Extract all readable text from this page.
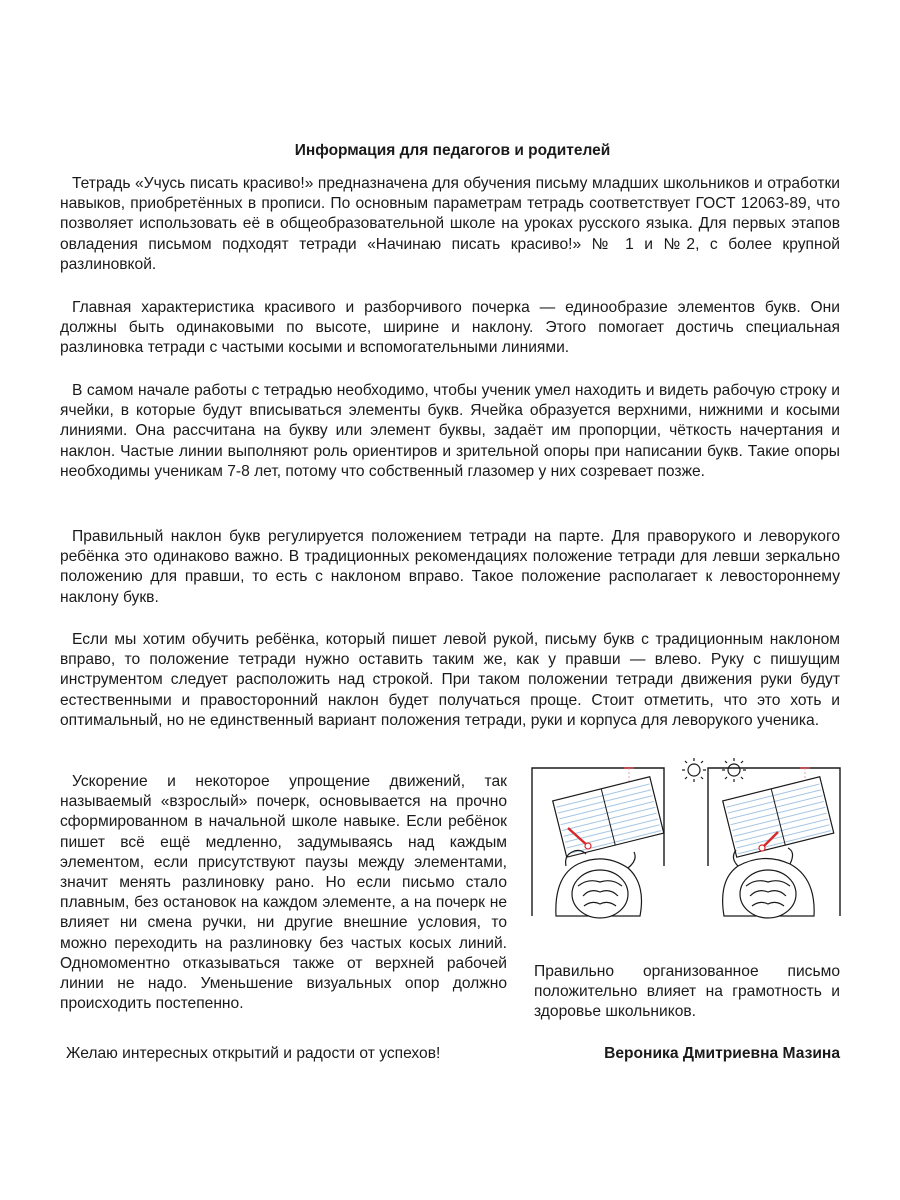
Информация для педагогов и родителей

Тетрадь «Учусь писать красиво!» предназначена для обучения письму младших школьников и отработки навыков, приобретённых в прописи. По основным параметрам тетрадь соответствует ГОСТ 12063-89, что позволяет использовать её в общеобразовательной школе на уроках русского языка. Для первых этапов овладения письмом подходят тетради «Начинаю писать красиво!» № 1 и №2, с более крупной разлиновкой.

Главная характеристика красивого и разборчивого почерка — единообразие элементов букв. Они должны быть одинаковыми по высоте, ширине и наклону. Этого помогает достичь специальная разлиновка тетради с частыми косыми и вспомогательными линиями.

В самом начале работы с тетрадью необходимо, чтобы ученик умел находить и видеть рабочую строку и ячейки, в которые будут вписываться элементы букв. Ячейка образуется верхними, нижними и косыми линиями. Она рассчитана на букву или элемент буквы, задаёт им пропорции, чёткость начертания и наклон. Частые линии выполняют роль ориентиров и зрительной опоры при написании букв. Такие опоры необходимы ученикам 7-8 лет, потому что собственный глазомер у них созревает позже.

Правильный наклон букв регулируется положением тетради на парте. Для праворукого и леворукого ребёнка это одинаково важно. В традиционных рекомендациях положение тетради для левши зеркально положению для правши, то есть с наклоном вправо. Такое положение располагает к левостороннему наклону букв.

Если мы хотим обучить ребёнка, который пишет левой рукой, письму букв с традиционным наклоном вправо, то положение тетради нужно оставить таким же, как у правши — влево. Руку с пишущим инструментом следует расположить над строкой. При таком положении тетради движения руки будут естественными и правосторонний наклон будет получаться проще. Стоит отметить, что это хоть и оптимальный, но не единственный вариант положения тетради, руки и корпуса для леворукого ученика.

Ускорение и некоторое упрощение движений, так называемый «взрослый» почерк, основывается на прочно сформированном в начальной школе навыке. Если ребёнок пишет всё ещё медленно, задумываясь над каждым элементом, если присутствуют паузы между элементами, значит менять разлиновку рано. Но если письмо стало плавным, без остановок на каждом элементе, а на почерк не влияет ни смена ручки, ни другие внешние условия, то можно переходить на разлиновку без частых косых линий. Одномоментно отказываться также от верхней рабочей линии не надо. Уменьшение визуальных опор должно происходить постепенно.

Правильно организованное письмо положительно влияет на грамотность и здоровье школьников.

Желаю интересных открытий и радости от успехов!	Вероника Дмитриевна Мазина
